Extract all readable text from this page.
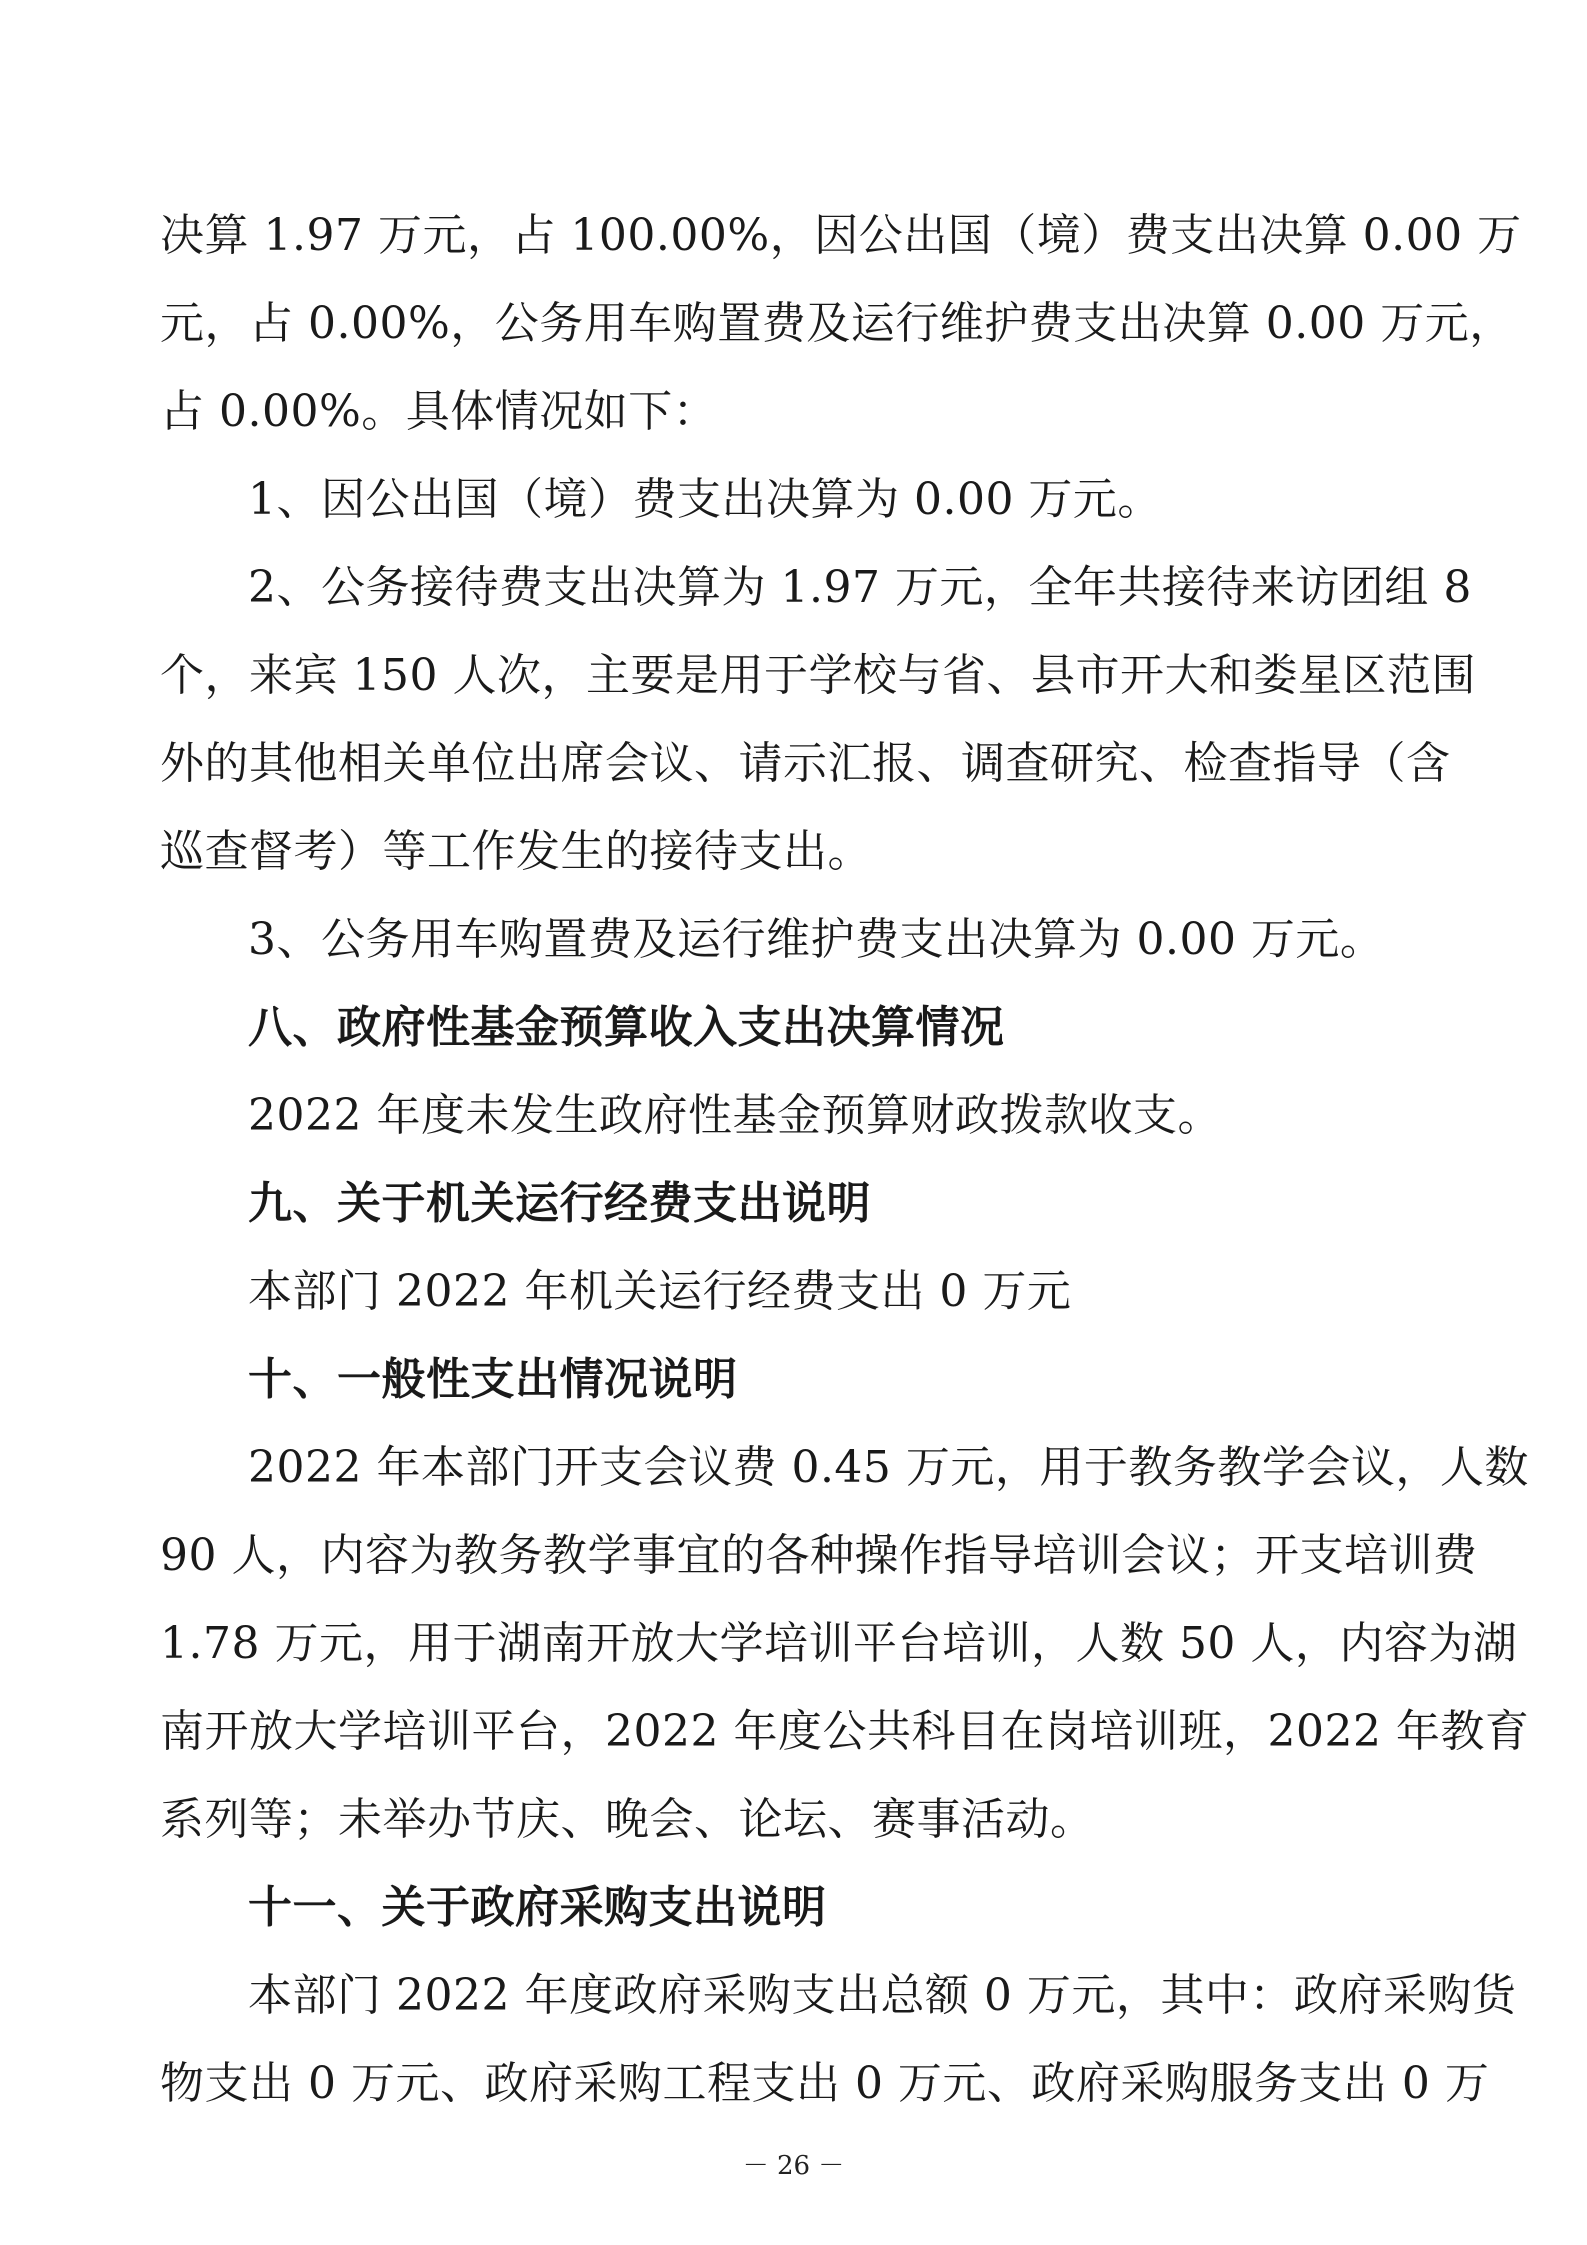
决算 1.97 万元，占 100.00%，因公出国（境）费支出决算 0.00 万
元，占 0.00%，公务用车购置费及运行维护费支出决算 0.00 万元，
占 0.00%。具体情况如下：
1、因公出国（境）费支出决算为 0.00 万元。
2、公务接待费支出决算为 1.97 万元，全年共接待来访团组 8
个，来宾 150 人次，主要是用于学校与省、县市开大和娄星区范围
外的其他相关单位出席会议、请示汇报、调查研究、检查指导（含
巡查督考）等工作发生的接待支出。
3、公务用车购置费及运行维护费支出决算为 0.00 万元。
八、政府性基金预算收入支出决算情况
2022 年度未发生政府性基金预算财政拨款收支。
九、关于机关运行经费支出说明
本部门 2022 年机关运行经费支出 0 万元
十、一般性支出情况说明
2022 年本部门开支会议费 0.45 万元，用于教务教学会议，人数
90 人，内容为教务教学事宜的各种操作指导培训会议；开支培训费
1.78 万元，用于湖南开放大学培训平台培训，人数 50 人，内容为湖
南开放大学培训平台，2022 年度公共科目在岗培训班，2022 年教育
系列等；未举办节庆、晚会、论坛、赛事活动。
十一、关于政府采购支出说明
本部门 2022 年度政府采购支出总额 0 万元，其中：政府采购货
物支出 0 万元、政府采购工程支出 0 万元、政府采购服务支出 0 万
－ 26 －
